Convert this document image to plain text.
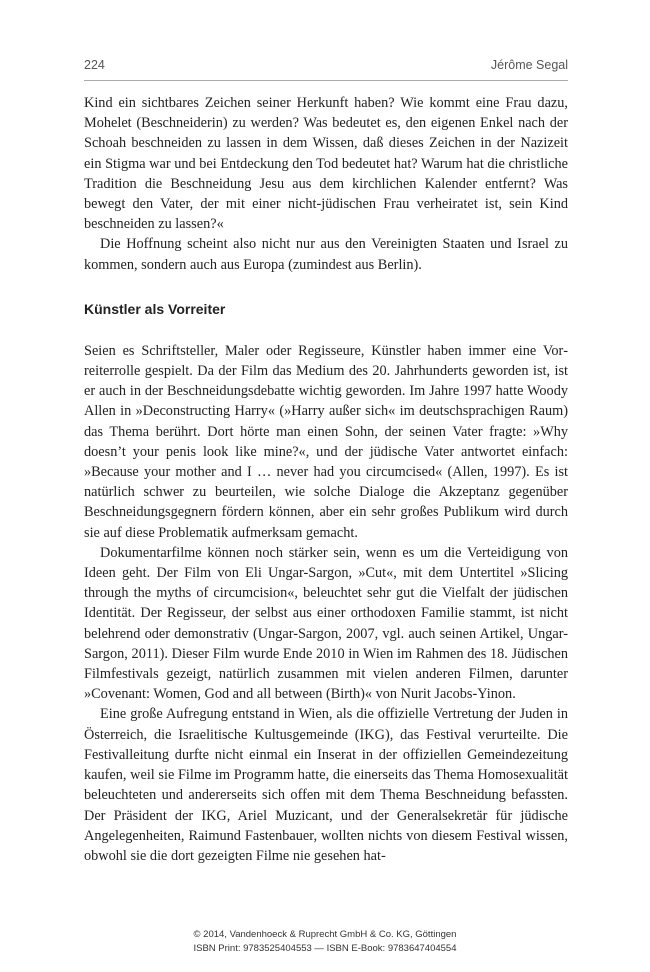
224	Jérôme Segal

Kind ein sichtbares Zeichen seiner Herkunft haben? Wie kommt eine Frau dazu, Mohelet (Beschneiderin) zu werden? Was bedeutet es, den eigenen Enkel nach der Schoah beschneiden zu lassen in dem Wissen, daß dieses Zeichen in der Nazizeit ein Stigma war und bei Entdeckung den Tod bedeutet hat? Warum hat die christliche Tradition die Beschneidung Jesu aus dem kirchlichen Kalender entfernt? Was bewegt den Vater, der mit einer nicht-jüdischen Frau verheiratet ist, sein Kind beschneiden zu lassen?«

Die Hoffnung scheint also nicht nur aus den Vereinigten Staaten und Israel zu kommen, sondern auch aus Europa (zumindest aus Berlin).

Künstler als Vorreiter

Seien es Schriftsteller, Maler oder Regisseure, Künstler haben immer eine Vorreiterrolle gespielt. Da der Film das Medium des 20. Jahrhunderts geworden ist, ist er auch in der Beschneidungsdebatte wichtig geworden. Im Jahre 1997 hatte Woody Allen in »Deconstructing Harry« (»Harry außer sich« im deutschsprachigen Raum) das Thema berührt. Dort hörte man einen Sohn, der seinen Vater fragte: »Why doesn’t your penis look like mine?«, und der jüdische Vater antwortet einfach: »Because your mother and I … never had you circumcised« (Allen, 1997). Es ist natürlich schwer zu beurteilen, wie solche Dialoge die Akzeptanz gegenüber Beschneidungsgegnern fördern können, aber ein sehr großes Publikum wird durch sie auf diese Problematik aufmerksam gemacht.

Dokumentarfilme können noch stärker sein, wenn es um die Verteidigung von Ideen geht. Der Film von Eli Ungar-Sargon, »Cut«, mit dem Untertitel »Slicing through the myths of circumcision«, beleuchtet sehr gut die Vielfalt der jüdischen Identität. Der Regisseur, der selbst aus einer orthodoxen Familie stammt, ist nicht belehrend oder demonstrativ (Ungar-Sargon, 2007, vgl. auch seinen Artikel, Ungar-Sargon, 2011). Dieser Film wurde Ende 2010 in Wien im Rahmen des 18. Jüdischen Filmfestivals gezeigt, natürlich zusammen mit vielen anderen Filmen, darunter »Covenant: Women, God and all between (Birth)« von Nurit Jacobs-Yinon.

Eine große Aufregung entstand in Wien, als die offizielle Vertretung der Juden in Österreich, die Israelitische Kultusgemeinde (IKG), das Festival verurteilte. Die Festivalleitung durfte nicht einmal ein Inserat in der offiziellen Gemeindezeitung kaufen, weil sie Filme im Programm hatte, die einerseits das Thema Homosexualität beleuchteten und andererseits sich offen mit dem Thema Beschneidung befassten. Der Präsident der IKG, Ariel Muzicant, und der Generalsekretär für jüdische Angelegenheiten, Raimund Fastenbauer, wollten nichts von diesem Festival wissen, obwohl sie die dort gezeigten Filme nie gesehen hat-

© 2014, Vandenhoeck & Ruprecht GmbH & Co. KG, Göttingen
ISBN Print: 9783525404553 — ISBN E-Book: 9783647404554
